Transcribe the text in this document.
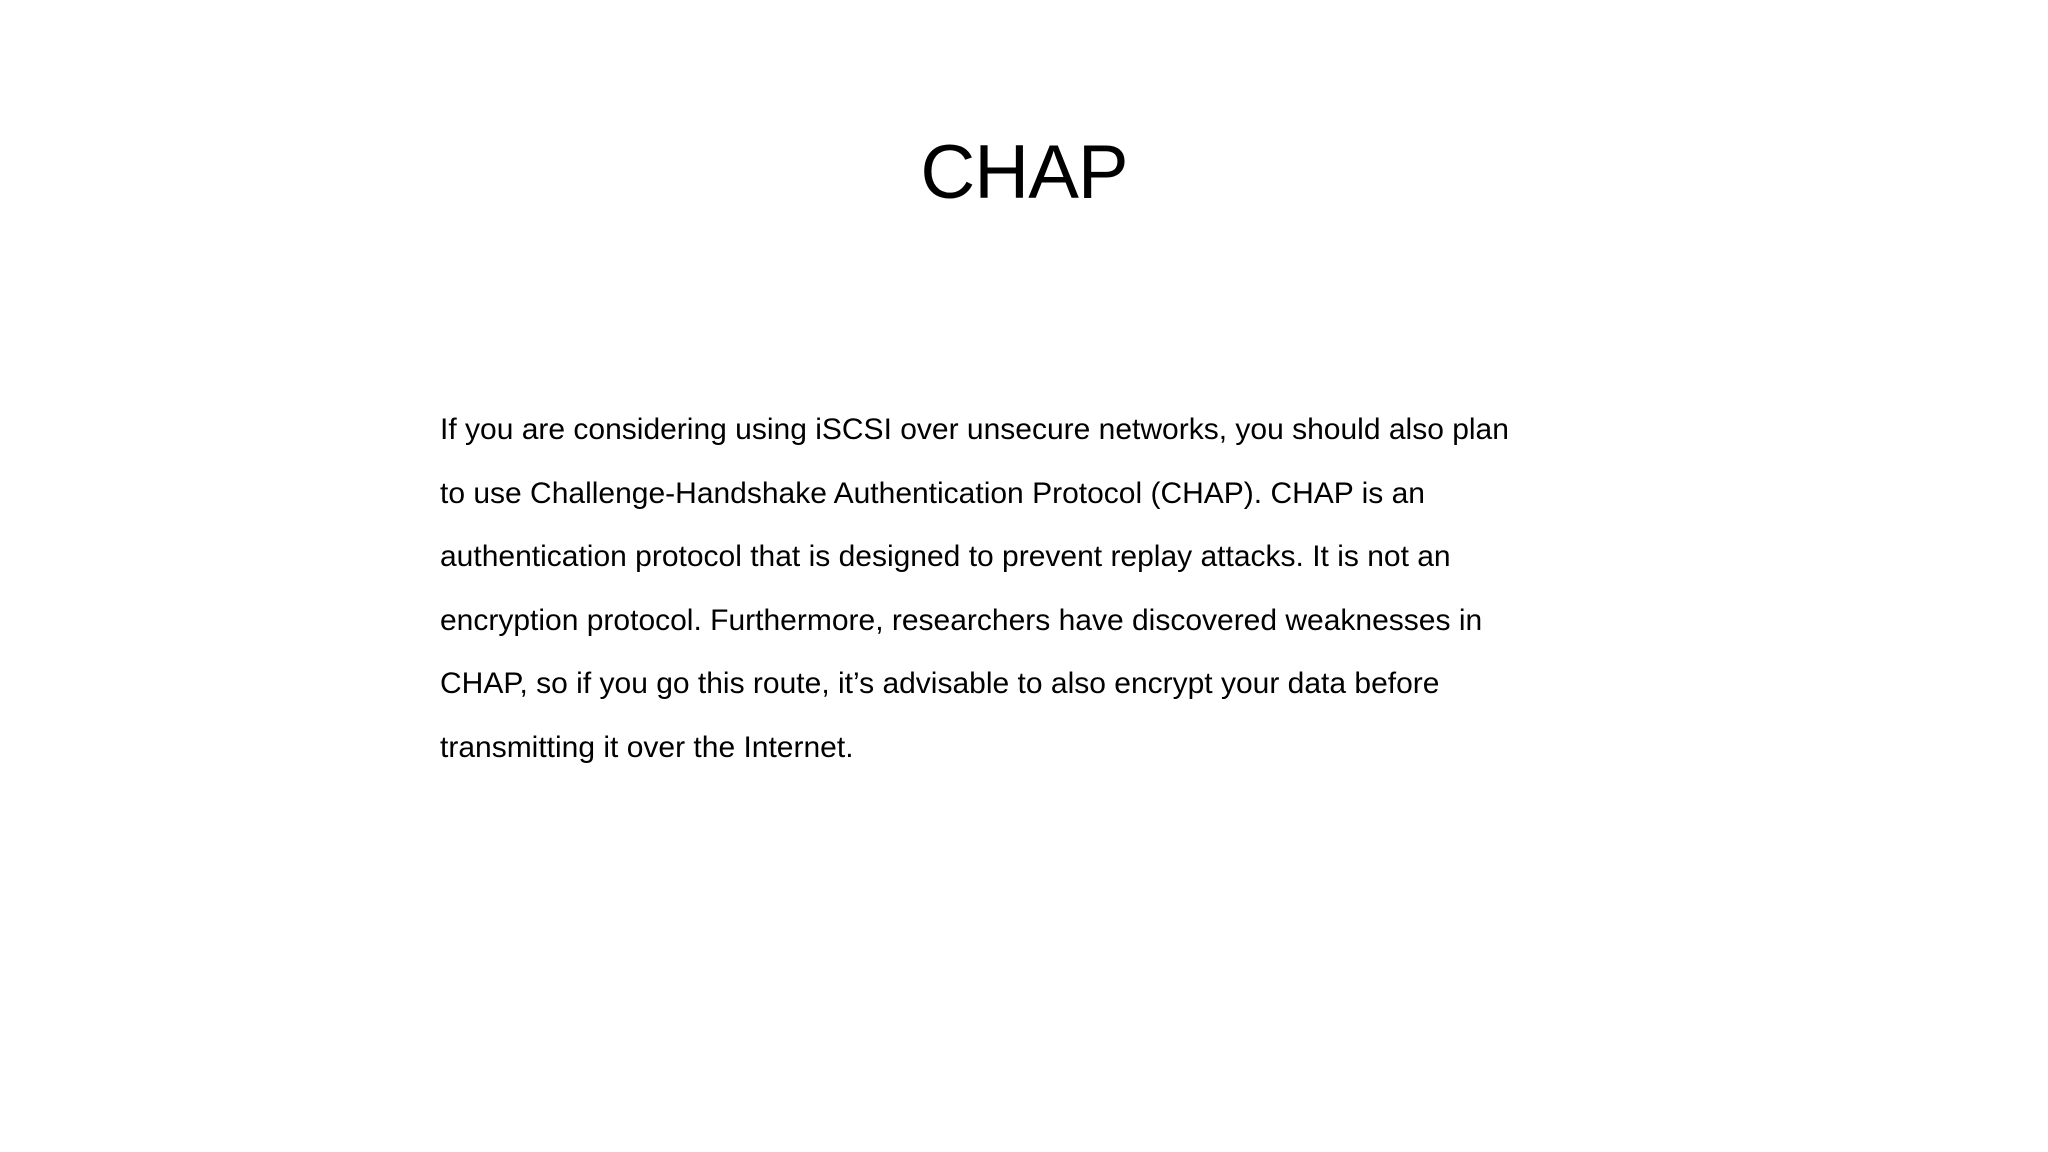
CHAP
If you are considering using iSCSI over unsecure networks, you should also plan
to use Challenge-Handshake Authentication Protocol (CHAP). CHAP is an
authentication protocol that is designed to prevent replay attacks. It is not an
encryption protocol. Furthermore, researchers have discovered weaknesses in
CHAP, so if you go this route, it’s advisable to also encrypt your data before
transmitting it over the Internet.
